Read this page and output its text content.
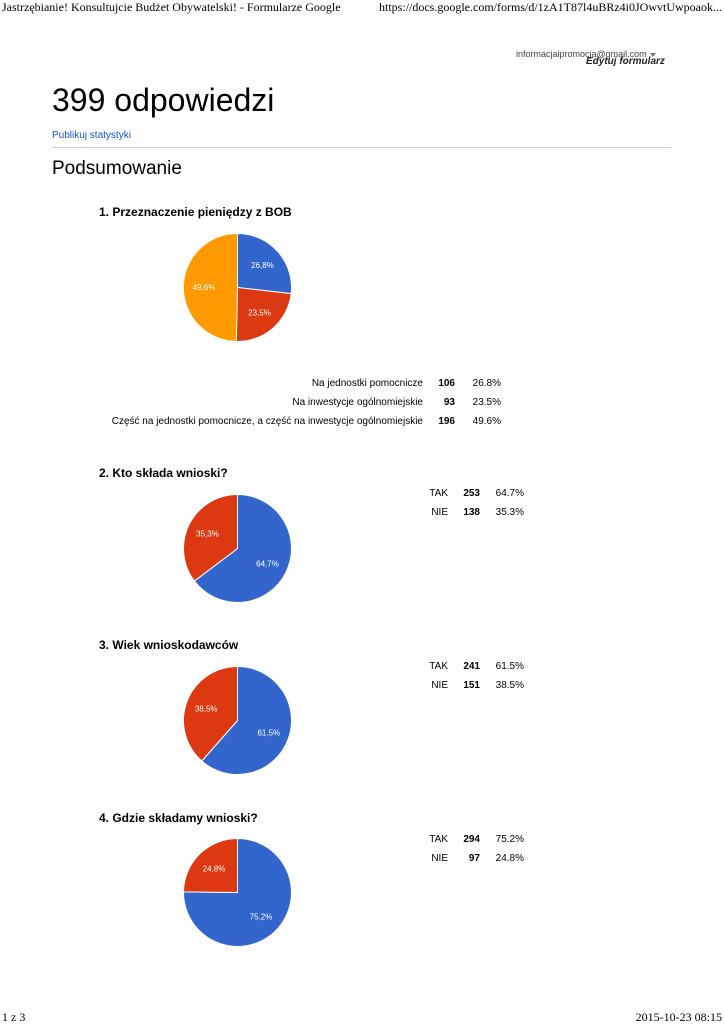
Jastrzębianie! Konsultujcie Budżet Obywatelski! - Formularze Google	https://docs.google.com/forms/d/1zA1T87l4uBRz4i0JOwvtUwpoaok...
informacjaipromocja@gmail.com
Edytuj formularz
399 odpowiedzi
Publikuj statystyki
Podsumowanie
1. Przeznaczenie pieniędzy z BOB
26,8%
23,5%
49,6%
Na jednostki pomocnicze	106	26.8%
Na inwestycje ogólnomiejskie	93	23.5%
Część na jednostki pomocnicze, a część na inwestycje ogólnomiejskie	196	49.6%
2. Kto składa wnioski?
64,7%
35,3%
TAK	253	64.7%
NIE	138	35.3%
3. Wiek wnioskodawców
61,5%
38,5%
TAK	241	61.5%
NIE	151	38.5%
4. Gdzie składamy wnioski?
75,2%
24,8%
TAK	294	75.2%
NIE	97	24.8%
1 z 3	2015-10-23 08:15
